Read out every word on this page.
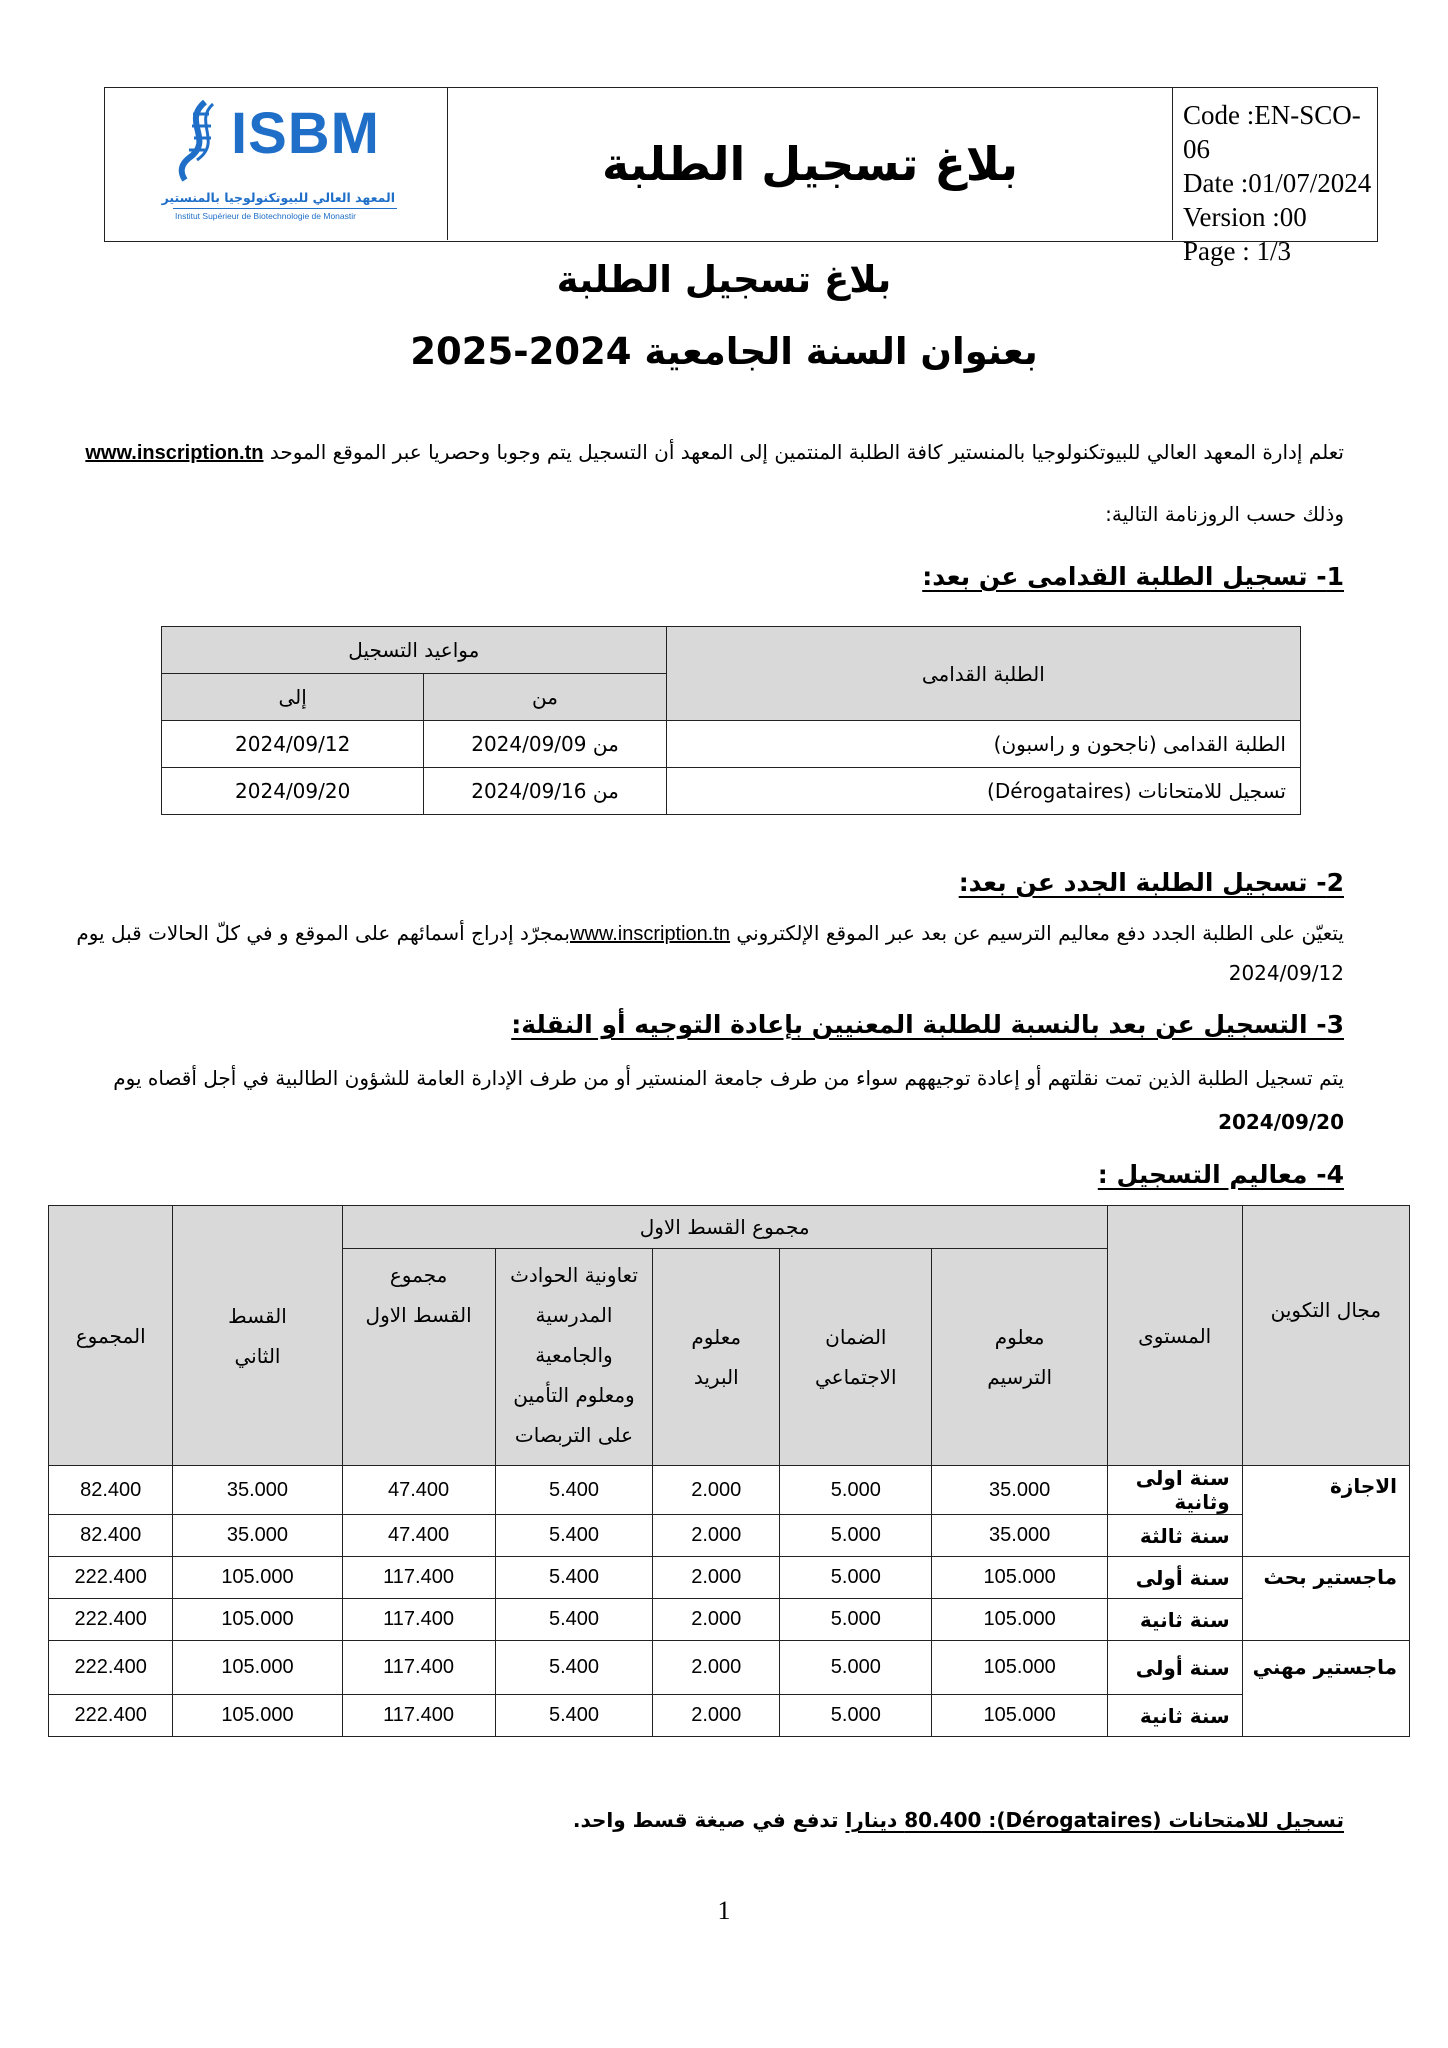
ISBM
المعهد العالي للبيوتكنولوجيا بالمنستير
Institut Supérieur de Biotechnologie de Monastir
بلاغ تسجيل الطلبة
Code :EN-SCO-06
Date :01/07/2024
Version :00
Page : 1/3
بلاغ تسجيل الطلبة
بعنوان السنة الجامعية 2024-2025
تعلم إدارة المعهد العالي للبيوتكنولوجيا بالمنستير كافة الطلبة المنتمين إلى المعهد أن التسجيل يتم وجوبا وحصريا عبر الموقع الموحد www.inscription.tn
وذلك حسب الروزنامة التالية:
1- تسجيل الطلبة القدامى عن بعد:
مواعيد التسجيل		الطلبة القدامى
إلى	من	
2024/09/12	من 2024/09/09	الطلبة القدامى (ناجحون و راسبون)
2024/09/20	من 2024/09/16	تسجيل للامتحانات (Dérogataires)
2- تسجيل الطلبة الجدد عن بعد:
يتعيّن على الطلبة الجدد دفع معاليم الترسيم عن بعد عبر الموقع الإلكتروني www.inscription.tnبمجرّد إدراج أسمائهم على الموقع و في كلّ الحالات قبل يوم
2024/09/12
3- التسجيل عن بعد بالنسبة للطلبة المعنيين بإعادة التوجيه أو النقلة:
يتم تسجيل الطلبة الذين تمت نقلتهم أو إعادة توجيههم سواء من طرف جامعة المنستير أو من طرف الإدارة العامة للشؤون الطالبية في أجل أقصاه يوم
2024/09/20
4- معاليم التسجيل :
المجموع	القسط الثاني	مجموع القسط الاول					المستوى	مجال التكوين
		مجموع القسط الاول	تعاونية الحوادث المدرسية والجامعية ومعلوم التأمين على التربصات	معلوم البريد	الضمان الاجتماعي	معلوم الترسيم		
82.400	35.000	47.400	5.400	2.000	5.000	35.000	سنة اولى وثانية	الاجازة
82.400	35.000	47.400	5.400	2.000	5.000	35.000	سنة ثالثة	
222.400	105.000	117.400	5.400	2.000	5.000	105.000	سنة أولى	ماجستير بحث
222.400	105.000	117.400	5.400	2.000	5.000	105.000	سنة ثانية	
222.400	105.000	117.400	5.400	2.000	5.000	105.000	سنة أولى	ماجستير مهني
222.400	105.000	117.400	5.400	2.000	5.000	105.000	سنة ثانية	
تسجيل للامتحانات (Dérogataires): 80.400 دينارا تدفع في صيغة قسط واحد.
1
